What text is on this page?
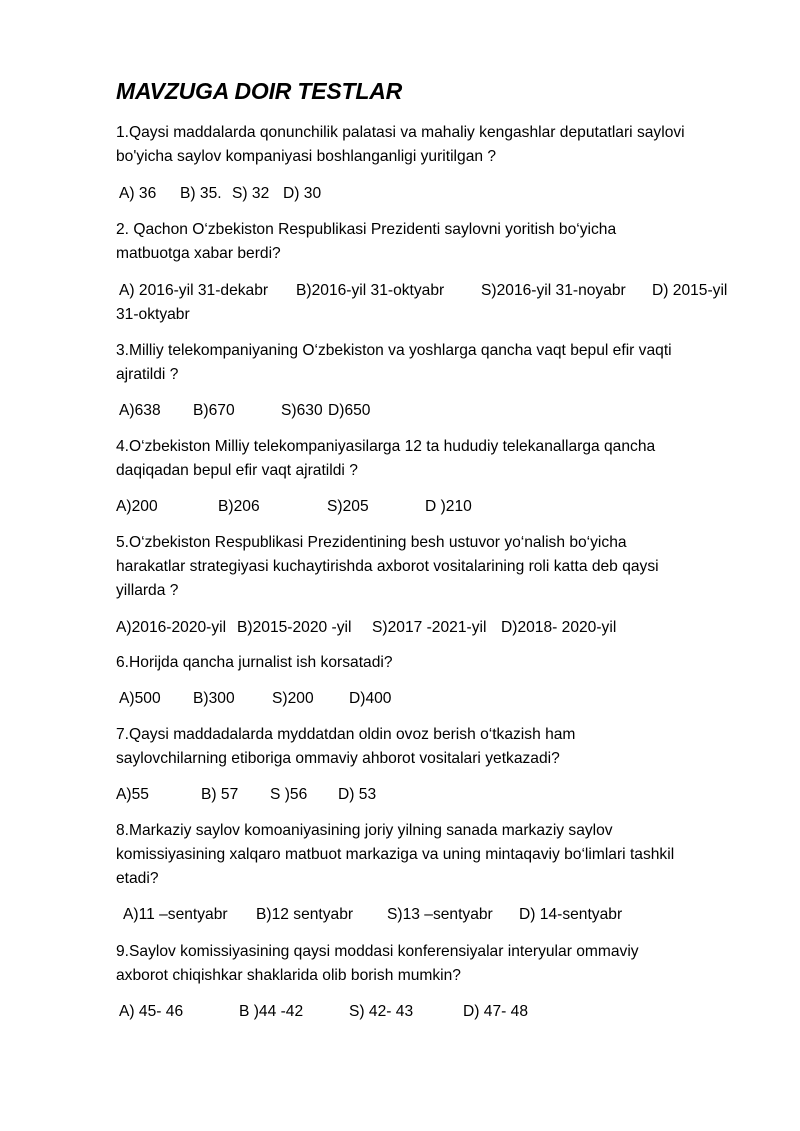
MAVZUGA DOIR TESTLAR
1.Qaysi maddalarda qonunchilik palatasi va mahaliy kengashlar deputatlari saylovi
bo'yicha saylov kompaniyasi boshlanganligi yuritilgan ?
A) 36 B) 35. S) 32 D) 30
2. Qachon O‘zbekiston Respublikasi Prezidenti saylovni yoritish bo‘yicha
matbuotga xabar berdi?
A) 2016-yil 31-dekabr B)2016-yil 31-oktyabr S)2016-yil 31-noyabr D) 2015-yil
31-oktyabr
3.Milliy telekompaniyaning O‘zbekiston va yoshlarga qancha vaqt bepul efir vaqti
ajratildi ?
A)638 B)670	S)630 D)650
4.O‘zbekiston Milliy telekompaniyasilarga 12 ta hududiy telekanallarga qancha
daqiqadan bepul efir vaqt ajratildi ?
A)200	B)206	S)205	D )210
5.O‘zbekiston Respublikasi Prezidentining besh ustuvor yo‘nalish bo‘yicha
harakatlar strategiyasi kuchaytirishda axborot vositalarining roli katta deb qaysi
yillarda ?
A)2016-2020-yil B)2015-2020 -yil S)2017 -2021-yil D)2018- 2020-yil
6.Horijda qancha jurnalist ish korsatadi?
A)500 B)300 S)200 D)400
7.Qaysi maddadalarda myddatdan oldin ovoz berish o‘tkazish ham
saylovchilarning etiboriga ommaviy ahborot vositalari yetkazadi?
A)55	B) 57 S )56 D) 53
8.Markaziy saylov komoaniyasining joriy yilning sanada markaziy saylov
komissiyasining xalqaro matbuot markaziga va uning mintaqaviy bo‘limlari tashkil
etadi?
A)11 –sentyabr B)12 sentyabr S)13 –sentyabr D) 14-sentyabr
9.Saylov komissiyasining qaysi moddasi konferensiyalar interyular ommaviy
axborot chiqishkar shaklarida olib borish mumkin?
A) 45- 46	B )44 -42	S) 42- 43	D) 47- 48
